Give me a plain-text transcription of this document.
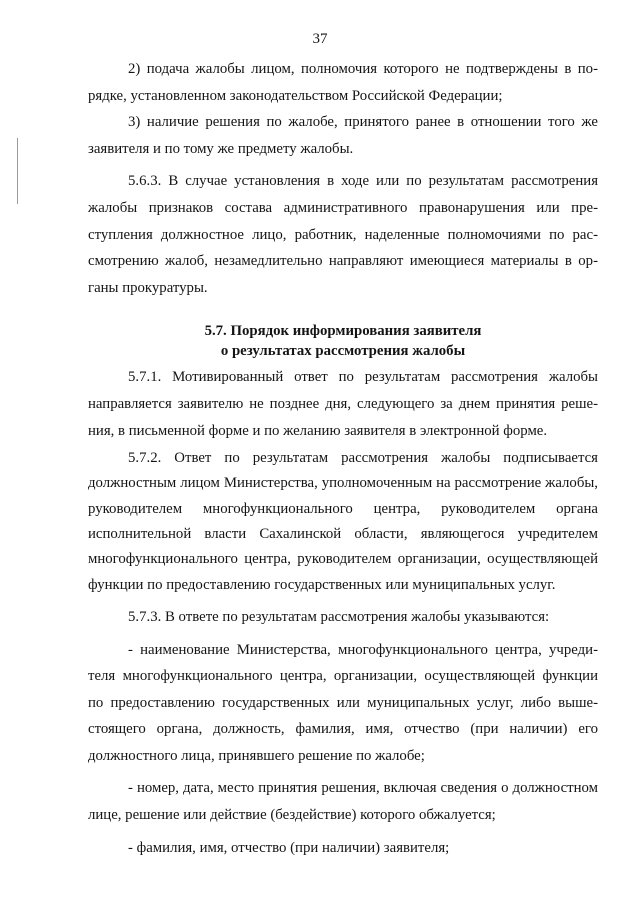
37

2) подача жалобы лицом, полномочия которого не подтверждены в порядке, установленном законодательством Российской Федерации;

3) наличие решения по жалобе, принятого ранее в отношении того же заявителя и по тому же предмету жалобы.

5.6.3. В случае установления в ходе или по результатам рассмотрения жалобы признаков состава административного правонарушения или преступления должностное лицо, работник, наделенные полномочиями по рассмотрению жалоб, незамедлительно направляют имеющиеся материалы в органы прокуратуры.

5.7. Порядок информирования заявителя
о результатах рассмотрения жалобы

5.7.1. Мотивированный ответ по результатам рассмотрения жалобы направляется заявителю не позднее дня, следующего за днем принятия решения, в письменной форме и по желанию заявителя в электронной форме.

5.7.2. Ответ по результатам рассмотрения жалобы подписывается должностным лицом Министерства, уполномоченным на рассмотрение жалобы, руководителем многофункционального центра, руководителем органа исполнительной власти Сахалинской области, являющегося учредителем многофункционального центра, руководителем организации, осуществляющей функции по предоставлению государственных или муниципальных услуг.

5.7.3. В ответе по результатам рассмотрения жалобы указываются:

- наименование Министерства, многофункционального центра, учредителя многофункционального центра, организации, осуществляющей функции по предоставлению государственных или муниципальных услуг, либо вышестоящего органа, должность, фамилия, имя, отчество (при наличии) его должностного лица, принявшего решение по жалобе;

- номер, дата, место принятия решения, включая сведения о должностном лице, решение или действие (бездействие) которого обжалуется;

- фамилия, имя, отчество (при наличии) заявителя;
